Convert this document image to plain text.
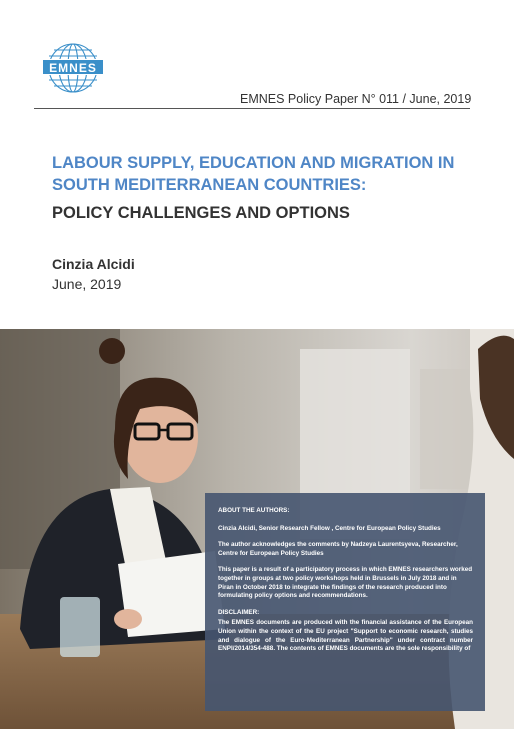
EMNES
EMNES Policy Paper N° 011 / June, 2019
LABOUR SUPPLY, EDUCATION AND MIGRATION IN SOUTH MEDITERRANEAN COUNTRIES:
POLICY CHALLENGES AND OPTIONS
Cinzia Alcidi
June, 2019

ABOUT THE AUTHORS:

Cinzia Alcidi, Senior Research Fellow , Centre for European Policy Studies

The author acknowledges the comments by Nadzeya Laurentsyeva, Researcher, Centre for European Policy Studies

This paper is a result of a participatory process in which EMNES researchers worked together in groups at two policy workshops held in Brussels in July 2018 and in Piran in October 2018 to integrate the findings of the research produced into formulating policy options and recommendations.

DISCLAIMER:

The EMNES documents are produced with the financial assistance of the European Union within the context of the EU project "Support to economic research, studies and dialogue of the Euro-Mediterranean Partnership" under contract number ENPI/2014/354-488. The contents of EMNES documents are the sole responsibility of
